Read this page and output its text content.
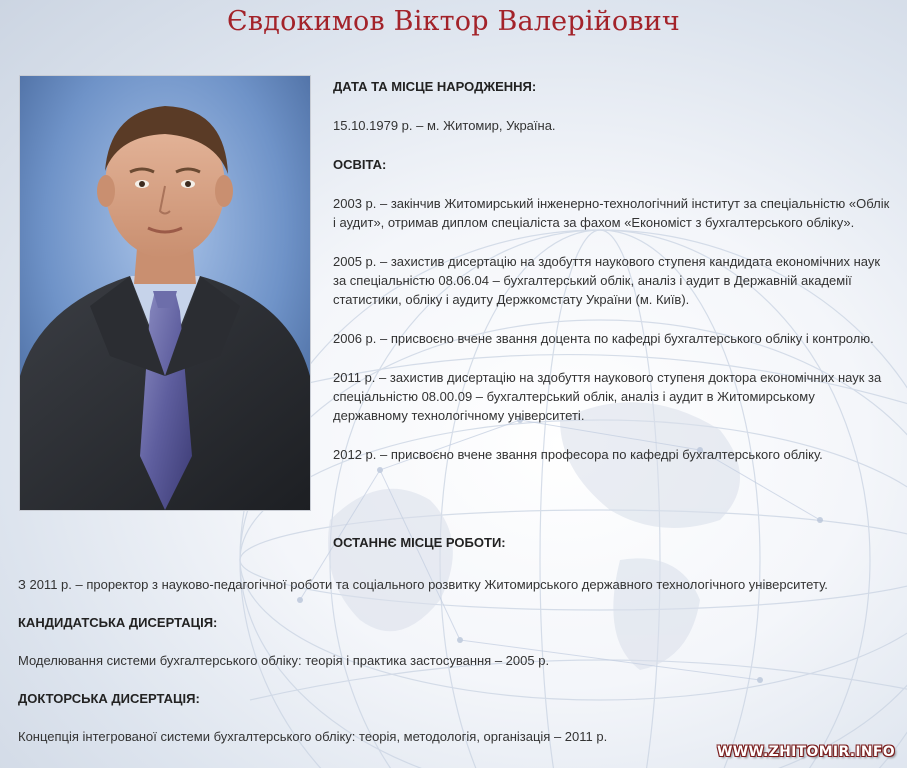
Євдокимов Віктор Валерійович

ДАТА ТА МІСЦЕ НАРОДЖЕННЯ:

15.10.1979 р. – м. Житомир, Україна.

ОСВІТА:

2003 р. – закінчив Житомирський інженерно-технологічний інститут за спеціальністю «Облік і аудит», отримав диплом спеціаліста за фахом «Економіст з бухгалтерського обліку».

2005 р. – захистив дисертацію на здобуття наукового ступеня кандидата економічних наук за спеціальністю 08.06.04 – бухгалтерський облік, аналіз і аудит в Державній академії статистики, обліку і аудиту Держкомстату України (м. Київ).

2006 р. – присвоєно вчене звання доцента по кафедрі бухгалтерського обліку і контролю.

2011 р. – захистив дисертацію на здобуття наукового ступеня доктора економічних наук за спеціальністю 08.00.09 – бухгалтерський облік, аналіз і аудит в Житомирському державному технологічному університеті.

2012 р. – присвоєно вчене звання професора по кафедрі бухгалтерського обліку.

ОСТАННЄ МІСЦЕ РОБОТИ:

З 2011 р. – проректор з науково-педагогічної роботи та соціального розвитку Житомирського державного технологічного університету.

КАНДИДАТСЬКА ДИСЕРТАЦІЯ:

Моделювання системи бухгалтерського обліку: теорія і практика застосування – 2005 р.

ДОКТОРСЬКА ДИСЕРТАЦІЯ:

Концепція інтегрованої системи бухгалтерського обліку: теорія, методологія, організація – 2011 р.

WWW.ZHITOMIR.INFO
